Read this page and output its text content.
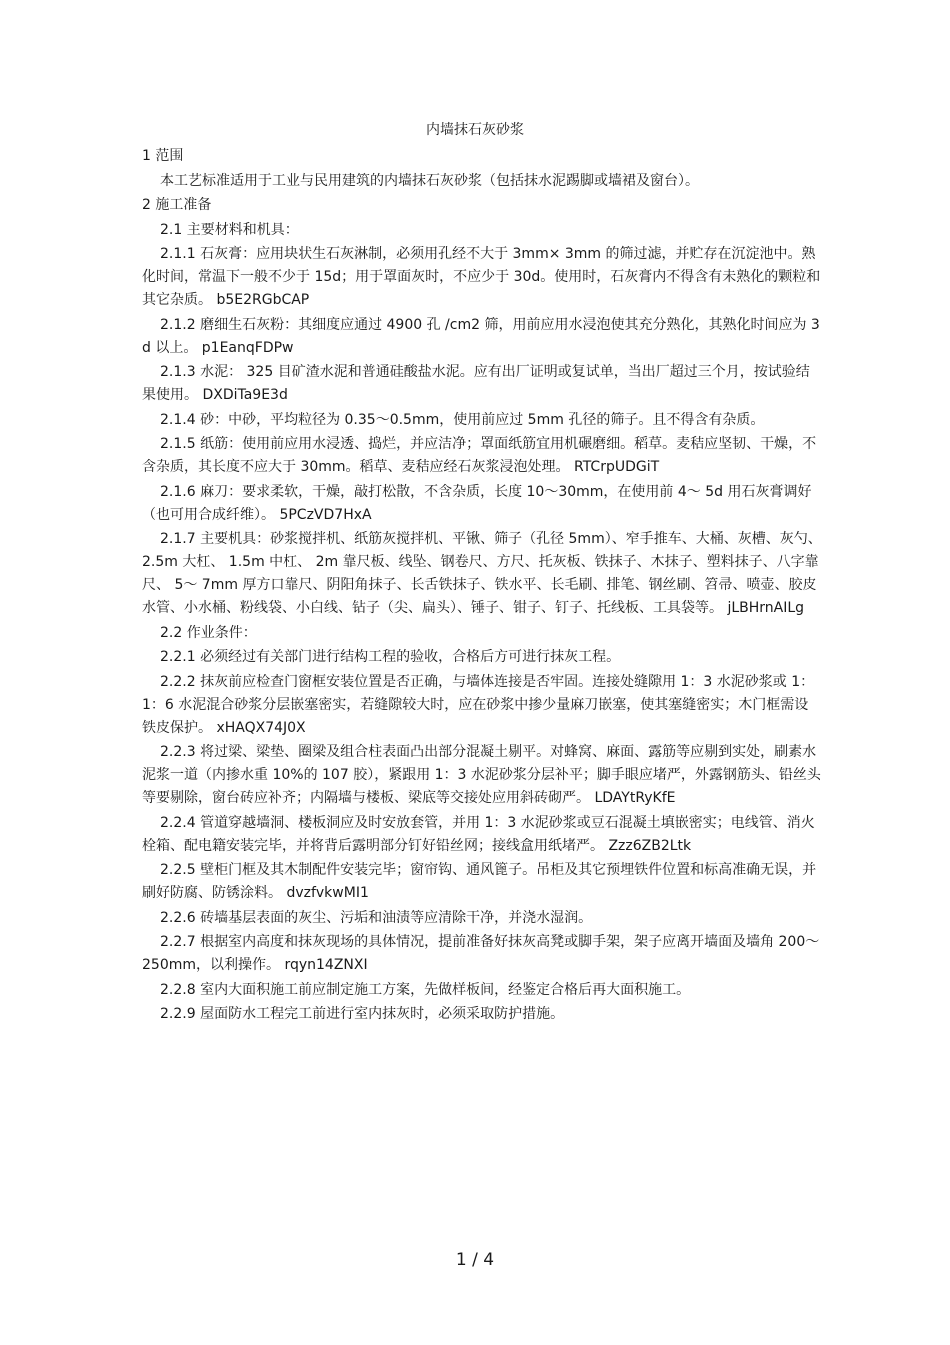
内墙抹石灰砂浆
1 范围
本工艺标准适用于工业与民用建筑的内墙抹石灰砂浆（包括抹水泥踢脚或墙裙及窗台）。
2 施工准备
2.1 主要材料和机具：
2.1.1 石灰膏：应用块状生石灰淋制，必须用孔经不大于 3mm× 3mm 的筛过滤，并贮存在沉淀池中。熟化时间，常温下一般不少于 15d；用于罩面灰时，不应少于 30d。使用时，石灰膏内不得含有未熟化的颗粒和其它杂质。 b5E2RGbCAP
2.1.2 磨细生石灰粉：其细度应通过 4900 孔 /cm2 筛，用前应用水浸泡使其充分熟化，其熟化时间应为 3d 以上。 p1EanqFDPw
2.1.3 水泥： 325 目矿渣水泥和普通硅酸盐水泥。应有出厂证明或复试单，当出厂超过三个月，按试验结果使用。 DXDiTa9E3d
2.1.4 砂：中砂，平均粒径为 0.35～0.5mm，使用前应过 5mm 孔径的筛子。且不得含有杂质。
2.1.5 纸筋：使用前应用水浸透、捣烂，并应洁净；罩面纸筋宜用机碾磨细。稻草。麦秸应坚韧、干燥，不含杂质，其长度不应大于 30mm。稻草、麦秸应经石灰浆浸泡处理。 RTCrpUDGiT
2.1.6 麻刀：要求柔软，干燥，敲打松散，不含杂质，长度 10～30mm，在使用前 4～ 5d 用石灰膏调好（也可用合成纤维）。 5PCzVD7HxA
2.1.7 主要机具：砂浆搅拌机、纸筋灰搅拌机、平锹、筛子（孔径 5mm）、窄手推车、大桶、灰槽、灰勺、 2.5m 大杠、 1.5m 中杠、 2m 靠尺板、线坠、钢卷尺、方尺、托灰板、铁抹子、木抹子、塑料抹子、八字靠尺、 5～ 7mm 厚方口靠尺、阴阳角抹子、长舌铁抹子、铁水平、长毛刷、排笔、钢丝刷、笤帚、喷壶、胶皮水管、小水桶、粉线袋、小白线、钻子（尖、扁头）、锤子、钳子、钉子、托线板、工具袋等。 jLBHrnAILg
2.2 作业条件：
2.2.1 必须经过有关部门进行结构工程的验收，合格后方可进行抹灰工程。
2.2.2 抹灰前应检查门窗框安装位置是否正确，与墙体连接是否牢固。连接处缝隙用 1：3 水泥砂浆或 1：1：6 水泥混合砂浆分层嵌塞密实，若缝隙较大时，应在砂浆中掺少量麻刀嵌塞，使其塞缝密实；木门框需设铁皮保护。 xHAQX74J0X
2.2.3 将过梁、梁垫、圈梁及组合柱表面凸出部分混凝土剔平。对蜂窝、麻面、露筋等应剔到实处，刷素水泥浆一道（内掺水重 10%的 107 胶），紧跟用 1：3 水泥砂浆分层补平；脚手眼应堵严，外露钢筋头、铅丝头等要剔除，窗台砖应补齐；内隔墙与楼板、梁底等交接处应用斜砖砌严。 LDAYtRyKfE
2.2.4 管道穿越墙洞、楼板洞应及时安放套管，并用 1：3 水泥砂浆或豆石混凝土填嵌密实；电线管、消火栓箱、配电籍安装完毕，并将背后露明部分钉好铅丝网；接线盒用纸堵严。 Zzz6ZB2Ltk
2.2.5 壁柜门框及其木制配件安装完毕；窗帘钩、通风篦子。吊柜及其它预埋铁件位置和标高准确无误，并刷好防腐、防锈涂料。 dvzfvkwMI1
2.2.6 砖墙基层表面的灰尘、污垢和油渍等应清除干净，并浇水湿润。
2.2.7 根据室内高度和抹灰现场的具体情况，提前准备好抹灰高凳或脚手架，架子应离开墙面及墙角 200～250mm，以利操作。 rqyn14ZNXI
2.2.8 室内大面积施工前应制定施工方案，先做样板间，经鉴定合格后再大面积施工。
2.2.9 屋面防水工程完工前进行室内抹灰时，必须采取防护措施。
1 / 4
